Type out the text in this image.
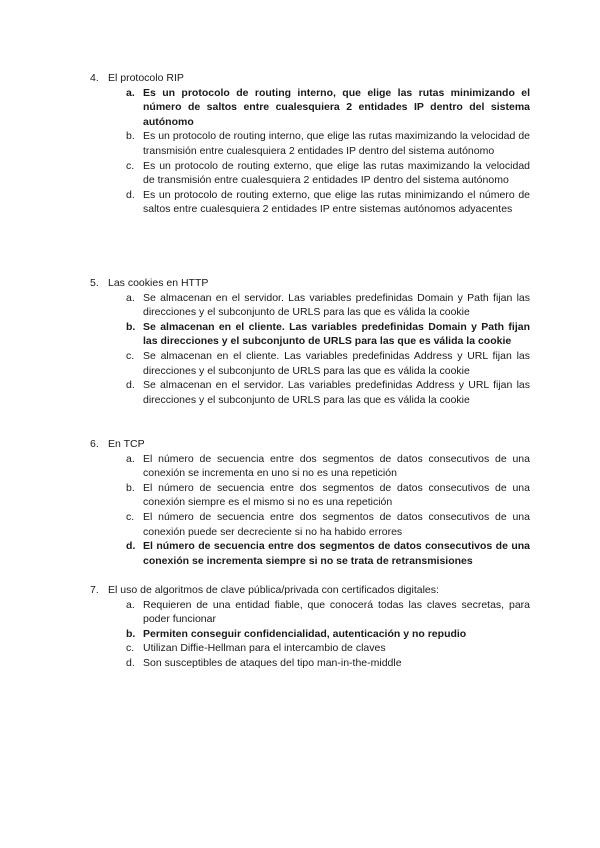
4. El protocolo RIP
a. Es un protocolo de routing interno, que elige las rutas minimizando el número de saltos entre cualesquiera 2 entidades IP dentro del sistema autónomo
b. Es un protocolo de routing interno, que elige las rutas maximizando la velocidad de transmisión entre cualesquiera 2 entidades IP dentro del sistema autónomo
c. Es un protocolo de routing externo, que elige las rutas maximizando la velocidad de transmisión entre cualesquiera 2 entidades IP dentro del sistema autónomo
d. Es un protocolo de routing externo, que elige las rutas minimizando el número de saltos entre cualesquiera 2 entidades IP entre sistemas autónomos adyacentes
5. Las cookies en HTTP
a. Se almacenan en el servidor. Las variables predefinidas Domain y Path fijan las direcciones y el subconjunto de URLS para las que es válida la cookie
b. Se almacenan en el cliente. Las variables predefinidas Domain y Path fijan las direcciones y el subconjunto de URLS para las que es válida la cookie
c. Se almacenan en el cliente. Las variables predefinidas Address y URL fijan las direcciones y el subconjunto de URLS para las que es válida la cookie
d. Se almacenan en el servidor. Las variables predefinidas Address y URL fijan las direcciones y el subconjunto de URLS para las que es válida la cookie
6. En TCP
a. El número de secuencia entre dos segmentos de datos consecutivos de una conexión se incrementa en uno si no es una repetición
b. El número de secuencia entre dos segmentos de datos consecutivos de una conexión siempre es el mismo si no es una repetición
c. El número de secuencia entre dos segmentos de datos consecutivos de una conexión puede ser decreciente si no ha habido errores
d. El número de secuencia entre dos segmentos de datos consecutivos de una conexión se incrementa siempre si no se trata de retransmisiones
7. El uso de algoritmos de clave pública/privada con certificados digitales:
a. Requieren de una entidad fiable, que conocerá todas las claves secretas, para poder funcionar
b. Permiten conseguir confidencialidad, autenticación y no repudio
c. Utilizan Diffie-Hellman para el intercambio de claves
d. Son susceptibles de ataques del tipo man-in-the-middle
